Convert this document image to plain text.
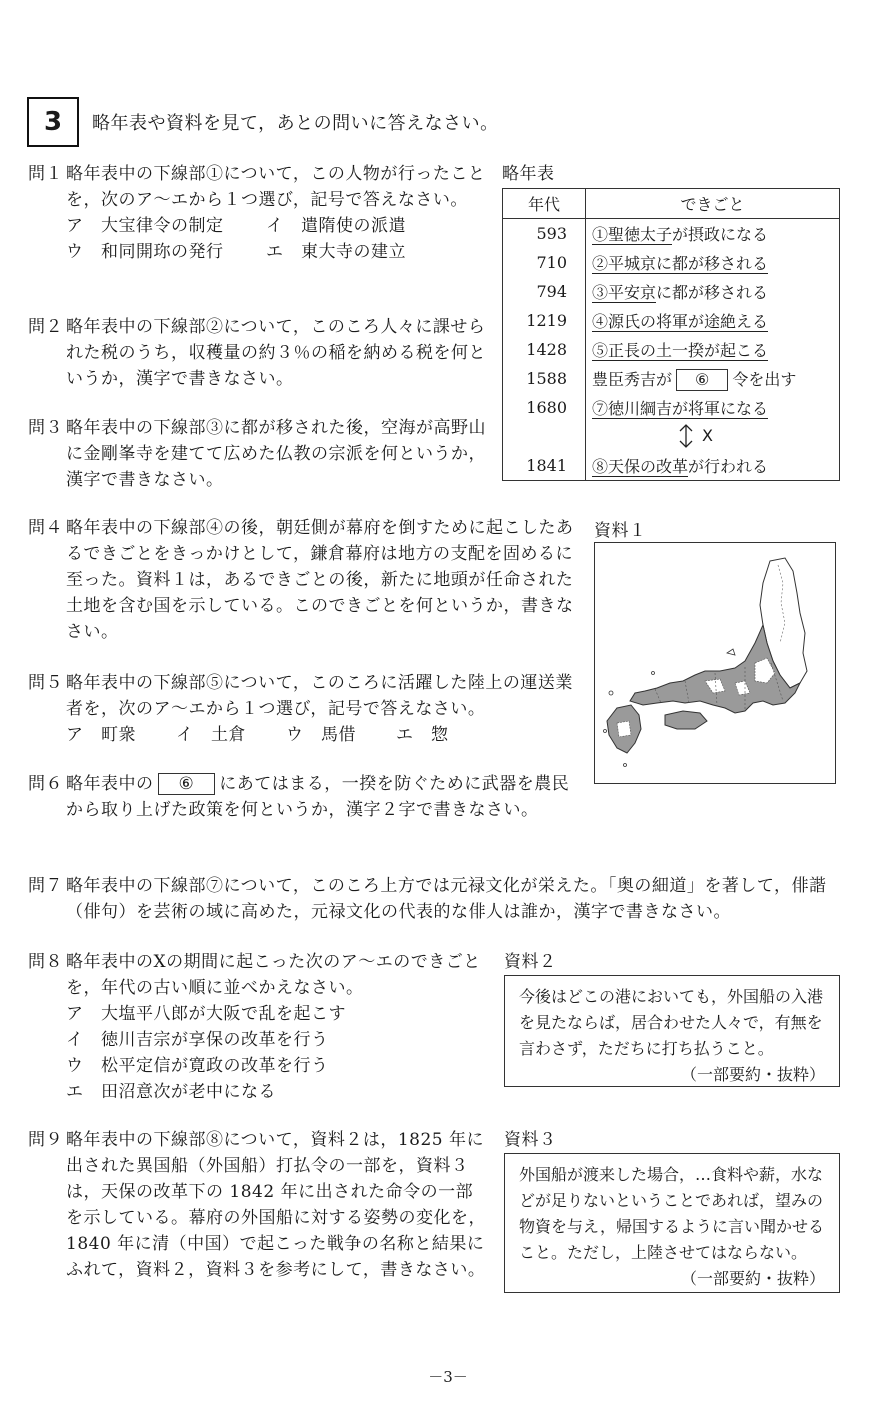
3 略年表や資料を見て，あとの問いに答えなさい。
問１ 略年表中の下線部①について，この人物が行ったことを，次のア～エから１つ選び，記号で答えなさい。
ア　 大宝律令の制定	イ　 遣隋使の派遣
ウ　 和同開珎の発行	エ　 東大寺の建立
問２ 略年表中の下線部②について，このころ人々に課せられた税のうち，収穫量の約３％の稲を納める税を何というか，漢字で書きなさい。
問３ 略年表中の下線部③に都が移された後，空海が高野山に金剛峯寺を建てて広めた仏教の宗派を何というか，漢字で書きなさい。
略年表
年代	できごと
593	①聖徳太子が摂政になる
710	②平城京に都が移される
794	③平安京に都が移される
1219	④源氏の将軍が途絶える
1428	⑤正長の土一揆が起こる
1588	豊臣秀吉が ⑥ 令を出す
1680	⑦徳川綱吉が将軍になる

	X

1841	⑧天保の改革が行われる
問４ 略年表中の下線部④の後，朝廷側が幕府を倒すために起こしたあるできごとをきっかけとして，鎌倉幕府は地方の支配を固めるに至った。資料１は，あるできごとの後，新たに地頭が任命された土地を含む国を示している。このできごとを何というか，書きなさい。
資料１
問５ 略年表中の下線部⑤について，このころに活躍した陸上の運送業者を，次のア～エから１つ選び，記号で答えなさい。
ア　 町衆 イ　 土倉 ウ　 馬借 エ　 惣
問６ 略年表中の ⑥ にあてはまる，一揆を防ぐために武器を農民から取り上げた政策を何というか，漢字２字で書きなさい。
問７ 略年表中の下線部⑦について，このころ上方では元禄文化が栄えた。「奥の細道」を著して，俳諧（俳句）を芸術の域に高めた，元禄文化の代表的な俳人は誰か，漢字で書きなさい。
問８ 略年表中のXの期間に起こった次のア～エのできごとを，年代の古い順に並べかえなさい。
ア　 大塩平八郎が大阪で乱を起こす
イ　 徳川吉宗が享保の改革を行う
ウ　 松平定信が寛政の改革を行う
エ　 田沼意次が老中になる
資料２
今後はどこの港においても，外国船の入港を見たならば，居合わせた人々で，有無を言わさず，ただちに打ち払うこと。
（一部要約・抜粋）
問９ 略年表中の下線部⑧について，資料２は，1825 年に出された異国船（外国船）打払令の一部を，資料３は，天保の改革下の 1842 年に出された命令の一部を示している。幕府の外国船に対する姿勢の変化を，1840 年に清（中国）で起こった戦争の名称と結果にふれて，資料２，資料３を参考にして，書きなさい。
資料３
外国船が渡来した場合，…食料や薪，水などが足りないということであれば，望みの物資を与え，帰国するように言い聞かせること。ただし，上陸させてはならない。
（一部要約・抜粋）
－3－
